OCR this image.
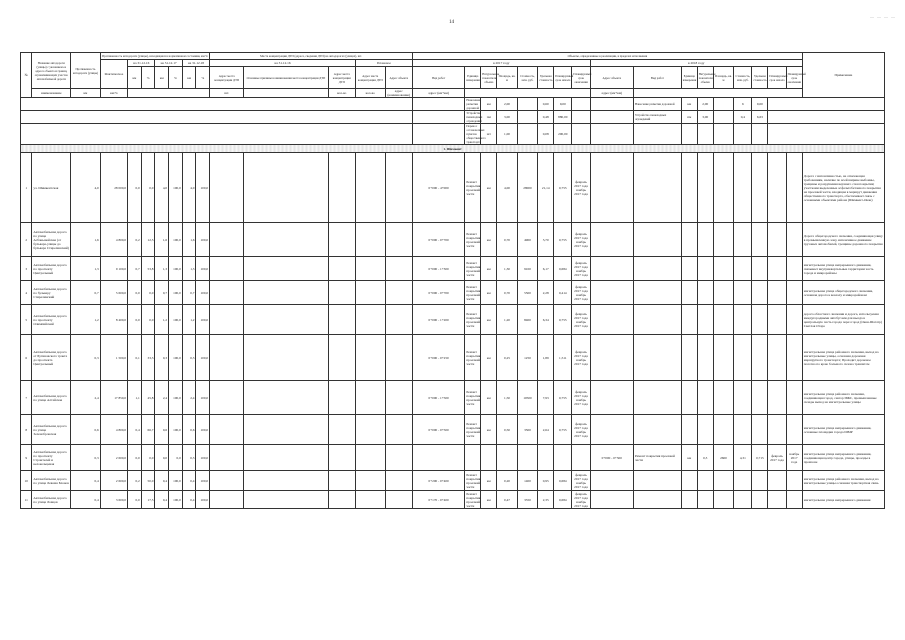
14
— — — —
№	Название автодороги (улицы) с указанием ее адреса объекта и границ, ограничивающих участок автомобильной дороги	Протяженность автодороги (улицы)	Протяженность автодороги (улицы), находящаяся в нормативном состоянии, км/%							Места концентрации ДТП (адреса, сведения ДТП) на автодорогах (улицах), шт.					Объекты, определенные к реализации, в пределах исполнения																	Примечание
			Фактическое	на 31.12.16		на 31.12.17		на 31.12.18		на 31.12.16			Плановое		в 2017 году								в 2018 году									
				км	%	км	%	км	%	Адрес места концентрации ДТП	Основные причины возникновения места концентрации ДТП	Адрес места концентрации ДТП	Адрес места концентрации ДТП	Адрес объекта	Вид работ	Единица измерения	Натуральные показатели объема	Площадь, кв. м	Стоимость, млн. руб.	Удельная стоимость	Планируемый срок начала	Планируемый срок окончания	Адрес объекта	Вид работ	Единица измерения	Натуральные показатели объема	Площадь, кв. м	Стоимость, млн. руб.	Удельная стоимость	Планируемый срок начала	Планируемый срок окончания	
	наименование	км	км/%							шт.		кол-во	кол-во	адрес (наименование)	адрес (км+км)								адрес (км+км)									
																Нанесение разметки дорожной	км	2,00		0,60	9,00			Нанесение разметки дорожной	км	2,00		6	9,00			
																Устройство пешеходных ограждений	пм	3,00		0,48	880,00			Устройство пешеходных ограждений	пм	3,00		0,4	6,63			
																Перенос остановочных пунктов общественного транспорта	шт	1,00		0,08	200,00											
1. Шимкент																																
1	ул. Шимкентская	4,0	28 000,0	0,0	0,0	4,0	100,0	4,0	100,0						0+000 - 4+000	Ремонт покрытия проезжей части	км	4,00	28000	21,14	0,755	февраль 2017 года ноябрь 2017 года										Дорога с интенсивностью, не отвечающая требованиям, наличие по всей ширине выбоины, трещины и разрушения верхнего слоя покрытия; участками выделенные асфальтобетонного покрытия на проезжей части, входящая в маршрут движения общественного транспорта, обеспечивает связь с основными объектами района (Шимкент-Окан)
2	Автомобильная дорога по улице Асбаньшейская (от бульвара-улицы до бульвара Стирелинский)	1,6	4 800,0	0,2	12,5	1,6	100,0	1,6	100,0						0+000 - 0+700	Ремонт покрытия проезжей части	км	0,70	4900	3,70	0,755	февраль 2017 года ноябрь 2017 года										Дорога общегородского значения, соединяющая улицу в промышленную зону, интенсивное движение грузовых автомобилей, трещины дорожного покрытия
3	Автомобильная дорога по проспекту Центральный	1,3	9 100,0	0,7	53,8	1,3	100,0	1,3	100,0						0+000 - 1+300	Ремонт покрытия проезжей части	км	1,30	9100	6,17	0,684	февраль 2017 года ноябрь 2017 года										магистральная улица непрерывного движения, связывает внутриквартальные территории часть города и микрорайоны
4	Автомобильная дорога по бульвару Стирелинский	0,7	5 600,0	0,0	0,0	0,7	100,0	0,7	100,0						0+000 - 0+700	Ремонт покрытия проезжей части	км	0,70	5500	2,28	0,414	февраль 2017 года ноябрь 2017 года										магистральная улица общегородского значения, основная дорога к вокзалу и микрорайонам
5	Автомобильная дорога по проспекту Олимпийский	1,2	8 400,0	0,0	0,0	1,2	100,0	1,2	100,0						0+000 - 1+200	Ремонт покрытия проезжей части	км	1,20	8400	6,34	0,755	февраль 2017 года ноябрь 2017 года										дорога областного значения и дорога, используемая междугородными автобусами для въезда в центральную часть города через город (Окан-Шагатр) Светлая Отара
6	Автомобильная дорога от Бугиновского тракта до проспекта Центральный	0,3	1 500,0	0,1	33,3	0,3	100,0	0,3	100,0						0+000 - 0+250	Ремонт покрытия проезжей части	км	0,25	1250	1,89	1,511	февраль 2017 года ноябрь 2017 года										магистральная улица районного значения, выход на магистральные улицы, основная дорожная маршрутного транспорта; Проходит дорожное полотно по краю большого склона транзитом
7	Автомобильная дорога по улице Алтайская	2,4	17 850,0	1,1	45,8	2,4	100,0	2,4	100,0						0+000 - 1+500	Ремонт покрытия проезжей части	км	1,50	10500	7,93	0,755	февраль 2017 года ноябрь 2017 года										магистральная улица районного значения, соединяющая город, сектор ИЖС, промышленные склады выход на магистральные улицы
8	Автомобильная дорога по улице Зеленобровская	0,6	4 800,0	0,4	66,7	0,6	100,0	0,6	100,0						0+000 - 0+500	Ремонт покрытия проезжей части	км	0,50	3500	2,64	0,755	февраль 2017 года ноябрь 2017 года										магистральная улица непрерывного движения, основные площадки города ШМР
9	Автомобильная дорога по проспекту Строителей и велокольцевая	0,3	2 600,0	0,0	0,0	0,0	0,0	0,3	100,0														0+000 - 0+300	Ремонт покрытия проезжей части	км	0,3	2600	4,31	0,715	февраль 2017 года	ноябрь 2017 года	магистральная улица непрерывного движения, соединяющая центр города, улицы, проезды в промзоне
10	Автомобильная дорога по улице Леваша Блоков	0,4	2 600,0	0,2	50,0	0,4	100,0	0,4	100,0						0+200 - 0+400	Ремонт покрытия проезжей части	км	0,20	1400	0,95	0,684	февраль 2017 года ноябрь 2017 года										магистральная улица районного значения, выход на магистральные улицы основная транспортная связь
11	Автомобильная дорога по улице Ловцов	0,4	3 600,0	0,0	17,5	0,4	100,0	0,4	100,0						0+170 - 0+400	Ремонт покрытия проезжей части	км	0,47	3350	2,35	0,684	февраль 2017 года ноябрь 2017 года										магистральная улица непрерывного движения
